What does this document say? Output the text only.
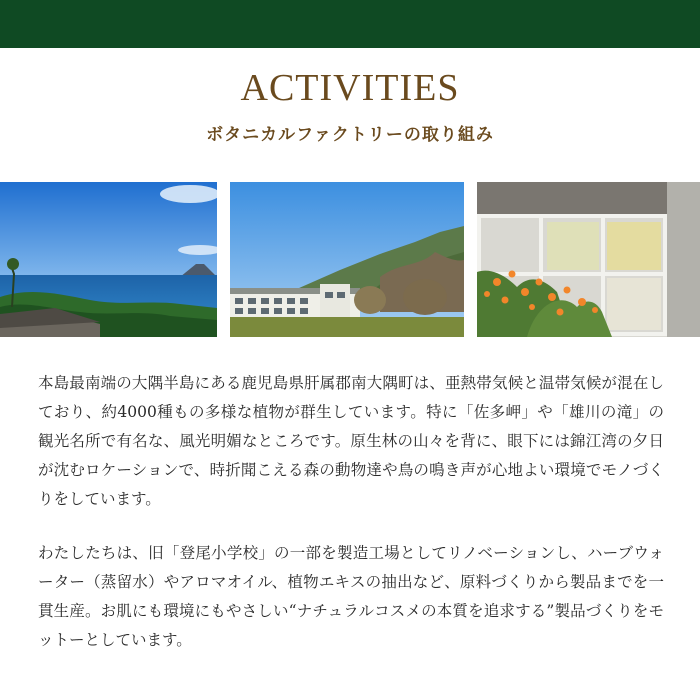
ACTIVITIES
ボタニカルファクトリーの取り組み

本島最南端の大隅半島にある鹿児島県肝属郡南大隅町は、亜熱帯気候と温帯気候が混在しており、約4000種もの多様な植物が群生しています。特に「佐多岬」や「雄川の滝」の観光名所で有名な、風光明媚なところです。原生林の山々を背に、眼下には錦江湾の夕日が沈むロケーションで、時折聞こえる森の動物達や鳥の鳴き声が心地よい環境でモノづくりをしています。

わたしたちは、旧「登尾小学校」の一部を製造工場としてリノベーションし、ハーブウォーター（蒸留水）やアロマオイル、植物エキスの抽出など、原料づくりから製品までを一貫生産。お肌にも環境にもやさしい“ナチュラルコスメの本質を追求する”製品づくりをモットーとしています。
